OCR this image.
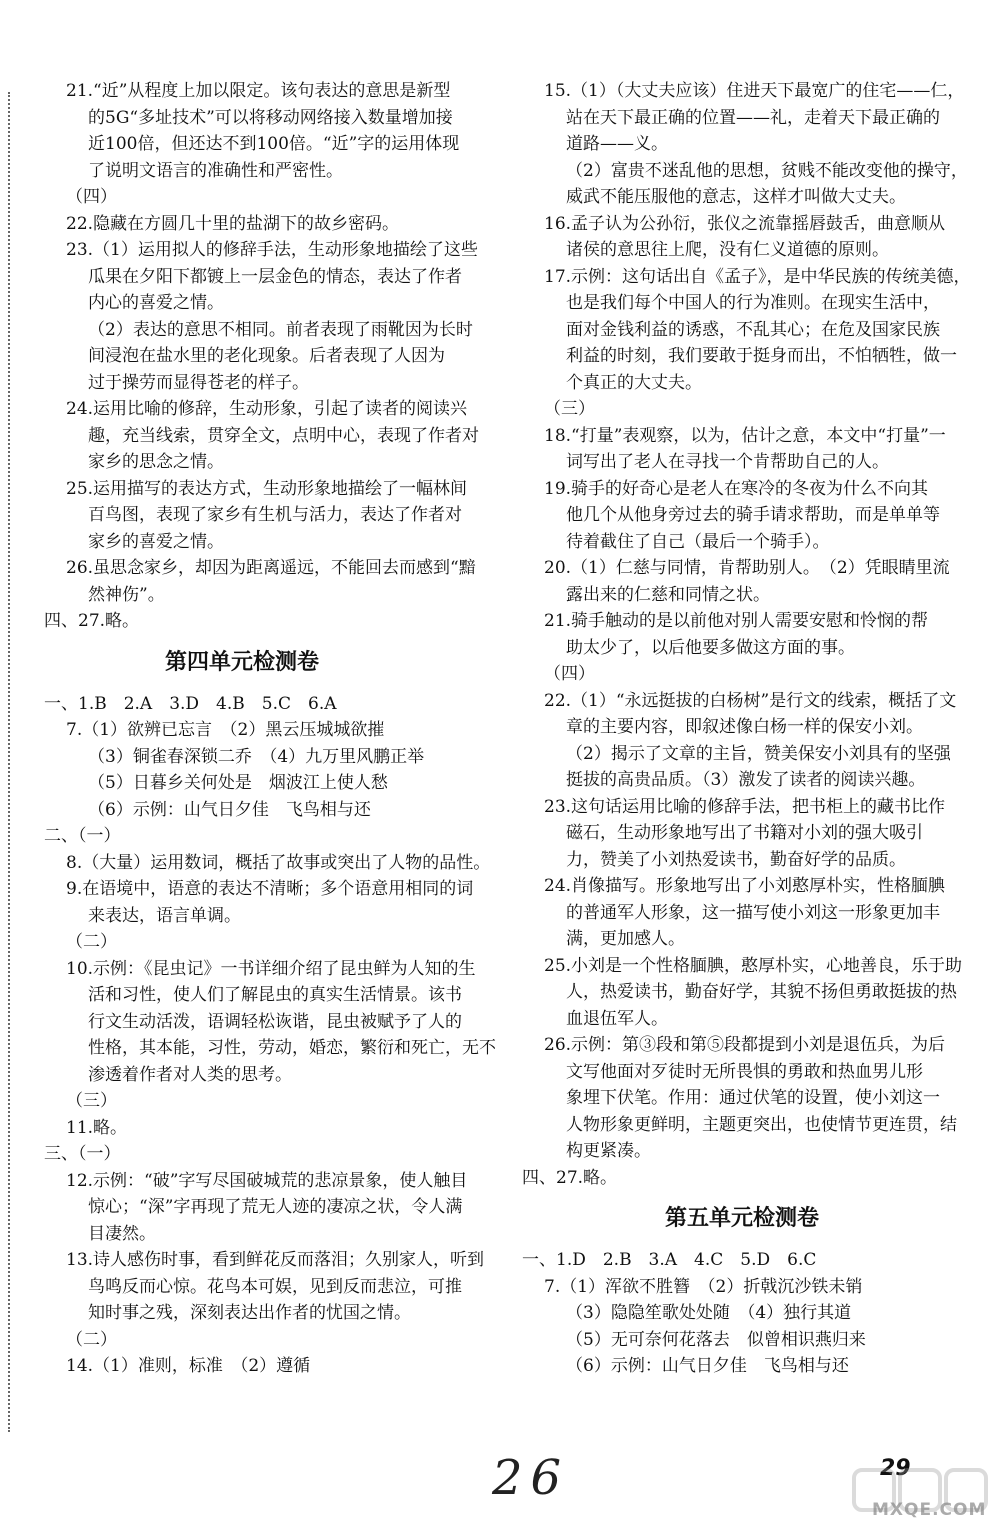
21.“近”从程度上加以限定。该句表达的意思是新型
的5G“多址技术”可以将移动网络接入数量增加接
近100倍，但还达不到100倍。“近”字的运用体现
了说明文语言的准确性和严密性。
（四）
22.隐藏在方圆几十里的盐湖下的故乡密码。
23.（1）运用拟人的修辞手法，生动形象地描绘了这些
瓜果在夕阳下都镀上一层金色的情态，表达了作者
内心的喜爱之情。
（2）表达的意思不相同。前者表现了雨靴因为长时
间浸泡在盐水里的老化现象。后者表现了人因为
过于操劳而显得苍老的样子。
24.运用比喻的修辞，生动形象，引起了读者的阅读兴
趣，充当线索，贯穿全文，点明中心，表现了作者对
家乡的思念之情。
25.运用描写的表达方式，生动形象地描绘了一幅林间
百鸟图，表现了家乡有生机与活力，表达了作者对
家乡的喜爱之情。
26.虽思念家乡，却因为距离遥远，不能回去而感到“黯
然神伤”。
四、27.略。
第四单元检测卷
一、1.B　2.A　3.D　4.B　5.C　6.A
7.（1）欲辨已忘言　（2）黑云压城城欲摧
（3）铜雀春深锁二乔　（4）九万里风鹏正举
（5）日暮乡关何处是　烟波江上使人愁
（6）示例：山气日夕佳　飞鸟相与还
二、（一）
8.（大量）运用数词，概括了故事或突出了人物的品性。
9.在语境中，语意的表达不清晰；多个语意用相同的词
来表达，语言单调。
（二）
10.示例：《昆虫记》一书详细介绍了昆虫鲜为人知的生
活和习性，使人们了解昆虫的真实生活情景。该书
行文生动活泼，语调轻松诙谐，昆虫被赋予了人的
性格，其本能，习性，劳动，婚恋，繁衍和死亡，无不
渗透着作者对人类的思考。
（三）
11.略。
三、（一）
12.示例：“破”字写尽国破城荒的悲凉景象，使人触目
惊心；“深”字再现了荒无人迹的凄凉之状，令人满
目凄然。
13.诗人感伤时事，看到鲜花反而落泪；久别家人，听到
鸟鸣反而心惊。花鸟本可娱，见到反而悲泣，可推
知时事之残，深刻表达出作者的忧国之情。
（二）
14.（1）准则，标准　（2）遵循
15.（1）（大丈夫应该）住进天下最宽广的住宅——仁，
站在天下最正确的位置——礼，走着天下最正确的
道路——义。
（2）富贵不迷乱他的思想，贫贱不能改变他的操守，
威武不能压服他的意志，这样才叫做大丈夫。
16.孟子认为公孙衍，张仪之流靠摇唇鼓舌，曲意顺从
诸侯的意思往上爬，没有仁义道德的原则。
17.示例：这句话出自《孟子》，是中华民族的传统美德，
也是我们每个中国人的行为准则。在现实生活中，
面对金钱利益的诱惑，不乱其心；在危及国家民族
利益的时刻，我们要敢于挺身而出，不怕牺牲，做一
个真正的大丈夫。
（三）
18.“打量”表观察，以为，估计之意，本文中“打量”一
词写出了老人在寻找一个肯帮助自己的人。
19.骑手的好奇心是老人在寒冷的冬夜为什么不向其
他几个从他身旁过去的骑手请求帮助，而是单单等
待着截住了自己（最后一个骑手）。
20.（1）仁慈与同情，肯帮助别人。　（2）凭眼睛里流
露出来的仁慈和同情之状。
21.骑手触动的是以前他对别人需要安慰和怜悯的帮
助太少了，以后他要多做这方面的事。
（四）
22.（1）“永远挺拔的白杨树”是行文的线索，概括了文
章的主要内容，即叙述像白杨一样的保安小刘。
（2）揭示了文章的主旨，赞美保安小刘具有的坚强
挺拔的高贵品质。（3）激发了读者的阅读兴趣。
23.这句话运用比喻的修辞手法，把书柜上的藏书比作
磁石，生动形象地写出了书籍对小刘的强大吸引
力，赞美了小刘热爱读书，勤奋好学的品质。
24.肖像描写。形象地写出了小刘憨厚朴实，性格腼腆
的普通军人形象，这一描写使小刘这一形象更加丰
满，更加感人。
25.小刘是一个性格腼腆，憨厚朴实，心地善良，乐于助
人，热爱读书，勤奋好学，其貌不扬但勇敢挺拔的热
血退伍军人。
26.示例：第③段和第⑤段都提到小刘是退伍兵，为后
文写他面对歹徒时无所畏惧的勇敢和热血男儿形
象埋下伏笔。作用：通过伏笔的设置，使小刘这一
人物形象更鲜明，主题更突出，也使情节更连贯，结
构更紧凑。
四、27.略。
第五单元检测卷
一、1.D　2.B　3.A　4.C　5.D　6.C
7.（1）浑欲不胜簪　（2）折戟沉沙铁未销
（3）隐隐笙歌处处随　（4）独行其道
（5）无可奈何花落去　似曾相识燕归来
（6）示例：山气日夕佳　飞鸟相与还
26	29
MXQE.COM
